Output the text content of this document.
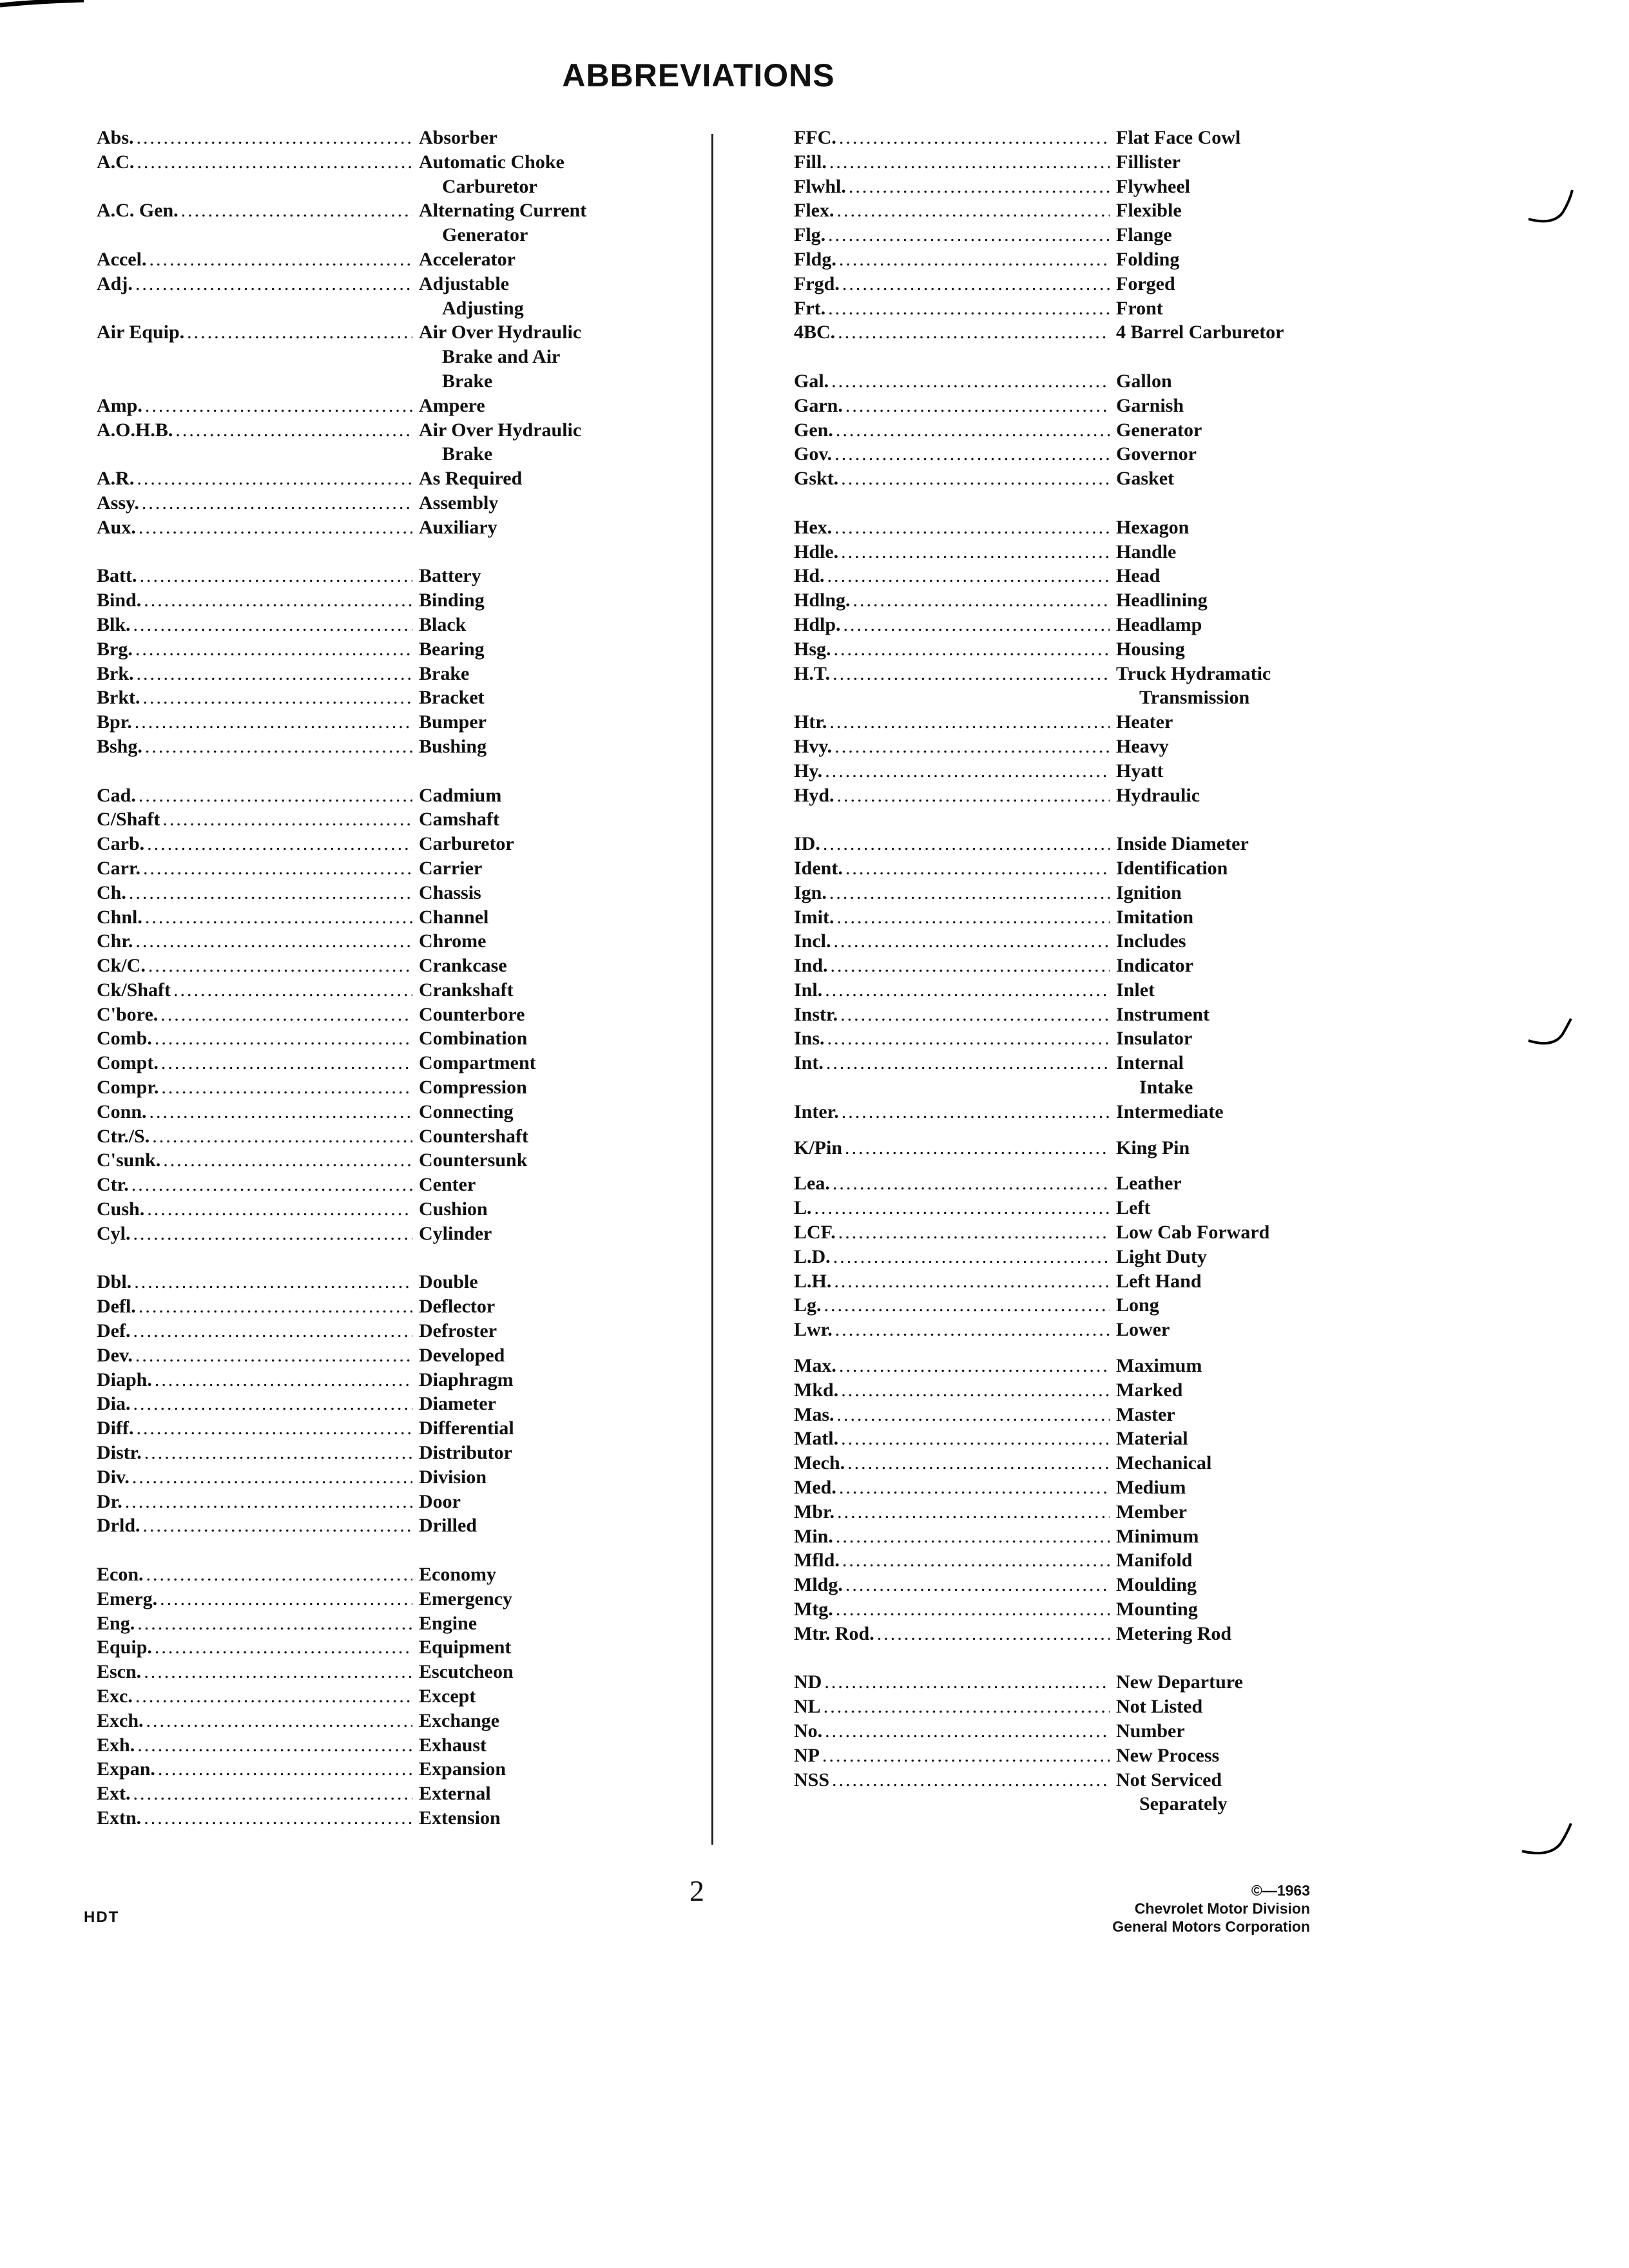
ABBREVIATIONS
Abs. .....	Absorber
A.C. .....	Automatic Choke
Carburetor
A.C. Gen. .....	Alternating Current
Generator
Accel. .....	Accelerator
Adj. .....	Adjustable
Adjusting
Air Equip. .....	Air Over Hydraulic
Brake and Air
Brake
Amp. .....	Ampere
A.O.H.B. .....	Air Over Hydraulic
Brake
A.R. .....	As Required
Assy. .....	Assembly
Aux. .....	Auxiliary
Batt. .....	Battery
Bind. .....	Binding
Blk. .....	Black
Brg. .....	Bearing
Brk. .....	Brake
Brkt. .....	Bracket
Bpr. .....	Bumper
Bshg. .....	Bushing
Cad. .....	Cadmium
C/Shaft .....	Camshaft
Carb. .....	Carburetor
Carr. .....	Carrier
Ch. .....	Chassis
Chnl. .....	Channel
Chr. .....	Chrome
Ck/C. .....	Crankcase
Ck/Shaft .....	Crankshaft
C'bore. .....	Counterbore
Comb. .....	Combination
Compt. .....	Compartment
Compr. .....	Compression
Conn. .....	Connecting
Ctr./S. .....	Countershaft
C'sunk. .....	Countersunk
Ctr. .....	Center
Cush. .....	Cushion
Cyl. .....	Cylinder
Dbl. .....	Double
Defl. .....	Deflector
Def. .....	Defroster
Dev. .....	Developed
Diaph. .....	Diaphragm
Dia. .....	Diameter
Diff. .....	Differential
Distr. .....	Distributor
Div. .....	Division
Dr. .....	Door
Drld. .....	Drilled
Econ. .....	Economy
Emerg. .....	Emergency
Eng. .....	Engine
Equip. .....	Equipment
Escn. .....	Escutcheon
Exc. .....	Except
Exch. .....	Exchange
Exh. .....	Exhaust
Expan. .....	Expansion
Ext. .....	External
Extn. .....	Extension
FFC. .....	Flat Face Cowl
Fill. .....	Fillister
Flwhl. .....	Flywheel
Flex. .....	Flexible
Flg. .....	Flange
Fldg. .....	Folding
Frgd. .....	Forged
Frt. .....	Front
4BC. .....	4 Barrel Carburetor
Gal. .....	Gallon
Garn. .....	Garnish
Gen. .....	Generator
Gov. .....	Governor
Gskt. .....	Gasket
Hex. .....	Hexagon
Hdle. .....	Handle
Hd. .....	Head
Hdlng. .....	Headlining
Hdlp. .....	Headlamp
Hsg. .....	Housing
H.T. .....	Truck Hydramatic
Transmission
Htr. .....	Heater
Hvy. .....	Heavy
Hy. .....	Hyatt
Hyd. .....	Hydraulic
ID. .....	Inside Diameter
Ident. .....	Identification
Ign. .....	Ignition
Imit. .....	Imitation
Incl. .....	Includes
Ind. .....	Indicator
Inl. .....	Inlet
Instr. .....	Instrument
Ins. .....	Insulator
Int. .....	Internal
Intake
Inter. .....	Intermediate
K/Pin .....	King Pin
Lea. .....	Leather
L. .....	Left
LCF. .....	Low Cab Forward
L.D. .....	Light Duty
L.H. .....	Left Hand
Lg. .....	Long
Lwr. .....	Lower
Max. .....	Maximum
Mkd. .....	Marked
Mas. .....	Master
Matl. .....	Material
Mech. .....	Mechanical
Med. .....	Medium
Mbr. .....	Member
Min. .....	Minimum
Mfld. .....	Manifold
Mldg. .....	Moulding
Mtg. .....	Mounting
Mtr. Rod. .....	Metering Rod
ND .....	New Departure
NL .....	Not Listed
No. .....	Number
NP .....	New Process
NSS .....	Not Serviced
Separately
2
HDT
©—1963
Chevrolet Motor Division
General Motors Corporation
